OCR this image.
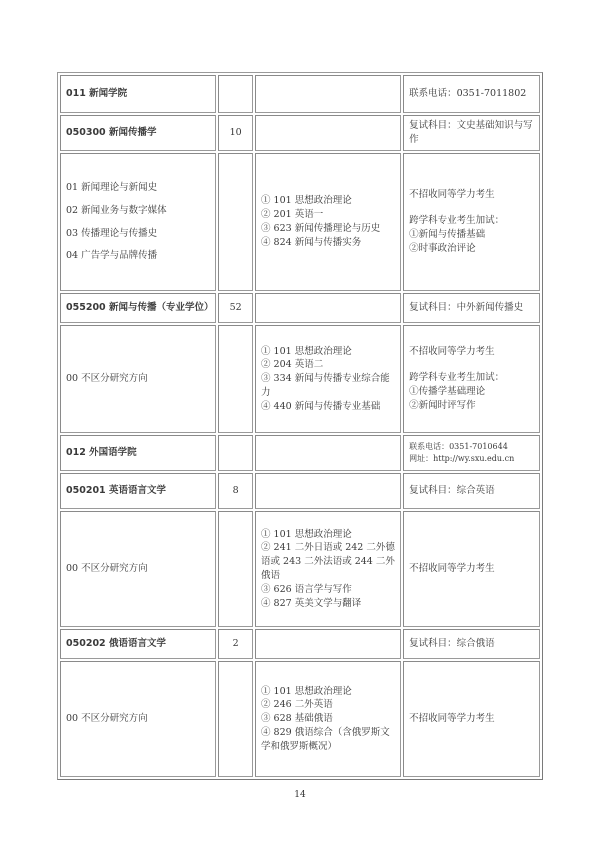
011 新闻学院			联系电话：0351-7011802

050300 新闻传播学	10		复试科目：文史基础知识与写作

01 新闻理论与新闻史
02 新闻业务与数字媒体
03 传播理论与传播史
04 广告学与品牌传播		① 101 思想政治理论
② 201 英语一
③ 623 新闻传播理论与历史
④ 824 新闻与传播实务	不招收同等学力考生
跨学科专业考生加试：
①新闻与传播基础
②时事政治评论

055200 新闻与传播（专业学位）	52		复试科目：中外新闻传播史

00 不区分研究方向		① 101 思想政治理论
② 204 英语二
③ 334 新闻与传播专业综合能力
④ 440 新闻与传播专业基础	不招收同等学力考生
跨学科专业考生加试：
①传播学基础理论
②新闻时评写作

012 外国语学院			联系电话：0351-7010644
网址：http://wy.sxu.edu.cn

050201 英语语言文学	8		复试科目：综合英语

00 不区分研究方向		① 101 思想政治理论
② 241 二外日语或 242 二外德语或 243 二外法语或 244 二外俄语
③ 626 语言学与写作
④ 827 英美文学与翻译	不招收同等学力考生

050202 俄语语言文学	2		复试科目：综合俄语

00 不区分研究方向		① 101 思想政治理论
② 246 二外英语
③ 628 基础俄语
④ 829 俄语综合（含俄罗斯文学和俄罗斯概况）	不招收同等学力考生
14
